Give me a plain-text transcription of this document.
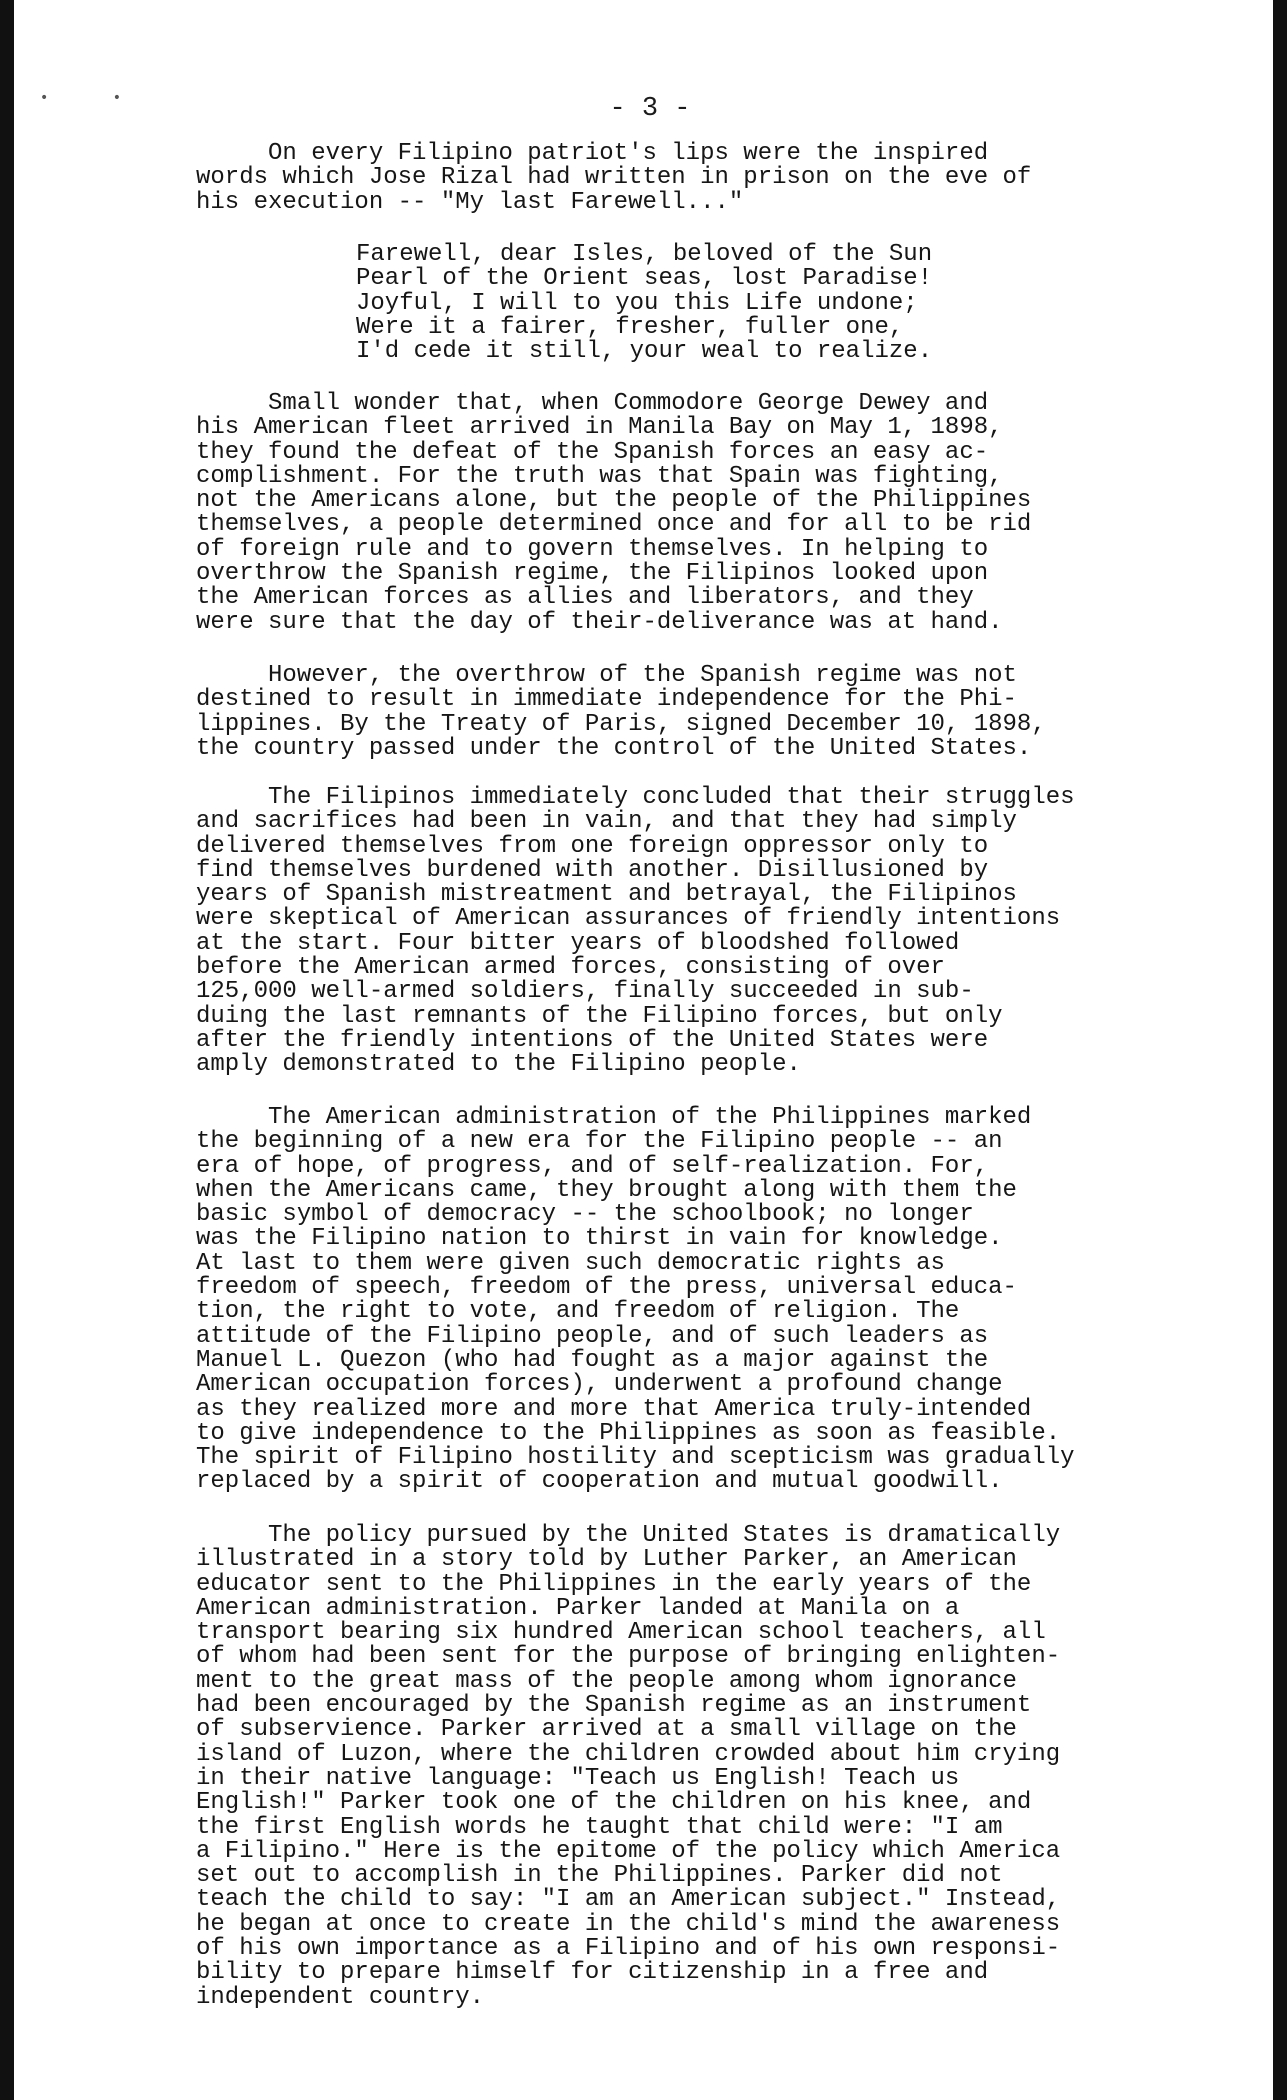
• •	- 3 -
On every Filipino patriot's lips were the inspired
words which Jose Rizal had written in prison on the eve of
his execution -- "My last Farewell..."
Farewell, dear Isles, beloved of the Sun
Pearl of the Orient seas, lost Paradise!
Joyful, I will to you this Life undone;
Were it a fairer, fresher, fuller one,
I'd cede it still, your weal to realize.
Small wonder that, when Commodore George Dewey and
his American fleet arrived in Manila Bay on May 1, 1898,
they found the defeat of the Spanish forces an easy ac-
complishment. For the truth was that Spain was fighting,
not the Americans alone, but the people of the Philippines
themselves, a people determined once and for all to be rid
of foreign rule and to govern themselves. In helping to
overthrow the Spanish regime, the Filipinos looked upon
the American forces as allies and liberators, and they
were sure that the day of their-deliverance was at hand.
However, the overthrow of the Spanish regime was not
destined to result in immediate independence for the Phi-
lippines. By the Treaty of Paris, signed December 10, 1898,
the country passed under the control of the United States.
The Filipinos immediately concluded that their struggles
and sacrifices had been in vain, and that they had simply
delivered themselves from one foreign oppressor only to
find themselves burdened with another. Disillusioned by
years of Spanish mistreatment and betrayal, the Filipinos
were skeptical of American assurances of friendly intentions
at the start. Four bitter years of bloodshed followed
before the American armed forces, consisting of over
125,000 well-armed soldiers, finally succeeded in sub-
duing the last remnants of the Filipino forces, but only
after the friendly intentions of the United States were
amply demonstrated to the Filipino people.
The American administration of the Philippines marked
the beginning of a new era for the Filipino people -- an
era of hope, of progress, and of self-realization. For,
when the Americans came, they brought along with them the
basic symbol of democracy -- the schoolbook; no longer
was the Filipino nation to thirst in vain for knowledge.
At last to them were given such democratic rights as
freedom of speech, freedom of the press, universal educa-
tion, the right to vote, and freedom of religion. The
attitude of the Filipino people, and of such leaders as
Manuel L. Quezon (who had fought as a major against the
American occupation forces), underwent a profound change
as they realized more and more that America truly-intended
to give independence to the Philippines as soon as feasible.
The spirit of Filipino hostility and scepticism was gradually
replaced by a spirit of cooperation and mutual goodwill.
The policy pursued by the United States is dramatically
illustrated in a story told by Luther Parker, an American
educator sent to the Philippines in the early years of the
American administration. Parker landed at Manila on a
transport bearing six hundred American school teachers, all
of whom had been sent for the purpose of bringing enlighten-
ment to the great mass of the people among whom ignorance
had been encouraged by the Spanish regime as an instrument
of subservience. Parker arrived at a small village on the
island of Luzon, where the children crowded about him crying
in their native language: "Teach us English! Teach us
English!" Parker took one of the children on his knee, and
the first English words he taught that child were: "I am
a Filipino." Here is the epitome of the policy which America
set out to accomplish in the Philippines. Parker did not
teach the child to say: "I am an American subject." Instead,
he began at once to create in the child's mind the awareness
of his own importance as a Filipino and of his own responsi-
bility to prepare himself for citizenship in a free and
independent country.
